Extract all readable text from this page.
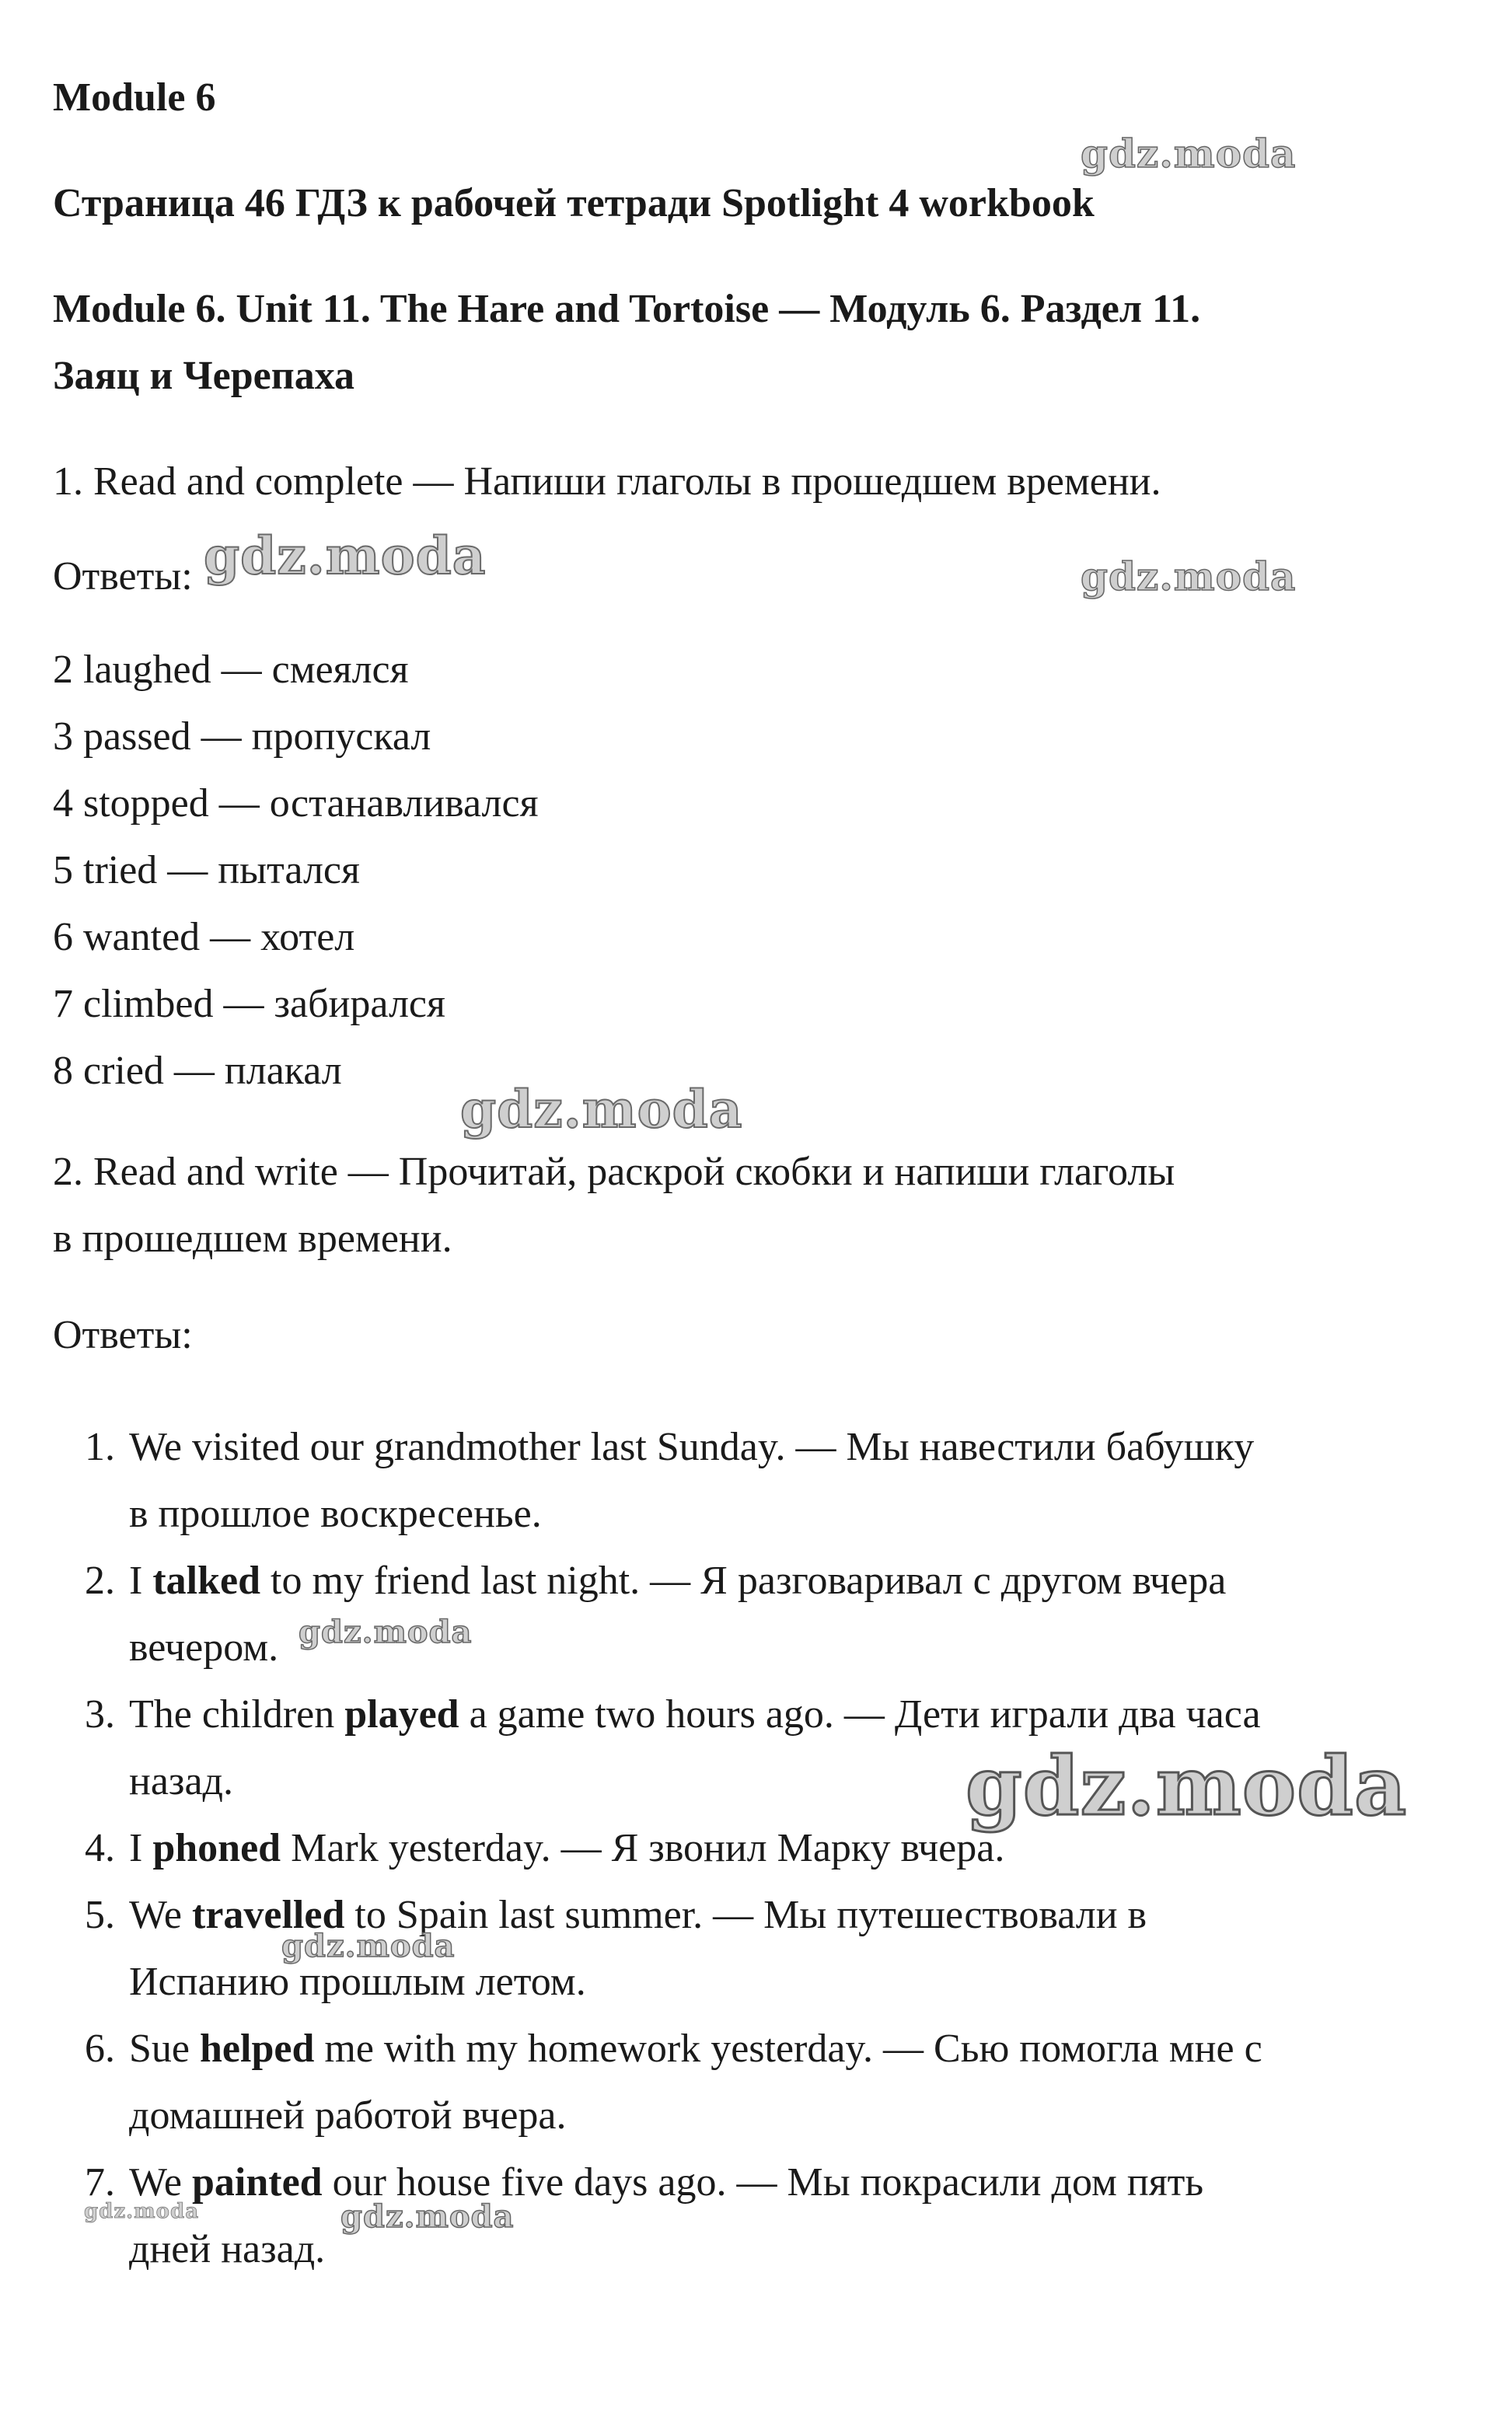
Module 6
Страница 46 ГДЗ к рабочей тетради Spotlight 4 workbook
Module 6. Unit 11. The Hare and Tortoise — Модуль 6. Раздел 11.
Заяц и Черепаха
1. Read and complete — Напиши глаголы в прошедшем времени.
Ответы:
2 laughed — смеялся
3 passed — пропускал
4 stopped — останавливался
5 tried — пытался
6 wanted — хотел
7 climbed — забирался
8 cried — плакал
2. Read and write — Прочитай, раскрой скобки и напиши глаголы
в прошедшем времени.
Ответы:
1. We visited our grandmother last Sunday. — Мы навестили бабушку
в прошлое воскресенье.
2. I talked to my friend last night. — Я разговаривал с другом вчера
вечером.
3. The children played a game two hours ago. — Дети играли два часа
назад.
4. I phoned Mark yesterday. — Я звонил Марку вчера.
5. We travelled to Spain last summer. — Мы путешествовали в
Испанию прошлым летом.
6. Sue helped me with my homework yesterday. — Сью помогла мне с
домашней работой вчера.
7. We painted our house five days ago. — Мы покрасили дом пять
дней назад.
gdz.moda
gdz.moda	gdz.moda
gdz.moda
gdz.moda
gdz.moda
gdz.moda
gdz.moda	gdz.moda
